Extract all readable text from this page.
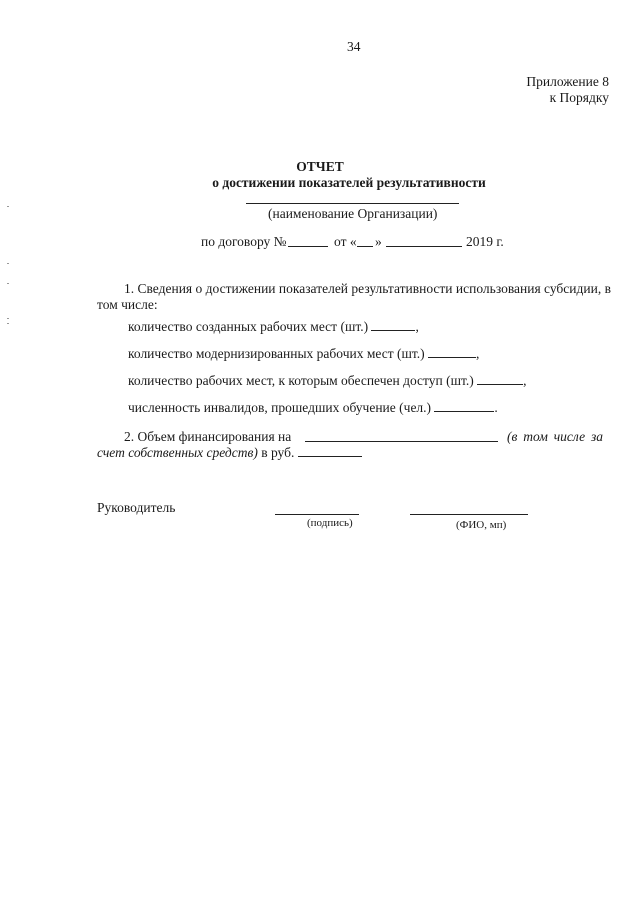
34
Приложение 8
к Порядку
ОТЧЕТ
о достижении показателей результативности
(наименование Организации)
по договору №	от « »	2019 г.
1. Сведения о достижении показателей результативности использования субсидии, в
том числе:
количество созданных рабочих мест (шт.)	,
количество модернизированных рабочих мест (шт.)	,
количество рабочих мест, к которым обеспечен доступ (шт.)	,
численность инвалидов, прошедших обучение (чел.)	.
2. Объем финансирования на	(в том числе за
счет собственных средств) в руб.
Руководитель
(подпись)	(ФИО, мп)
